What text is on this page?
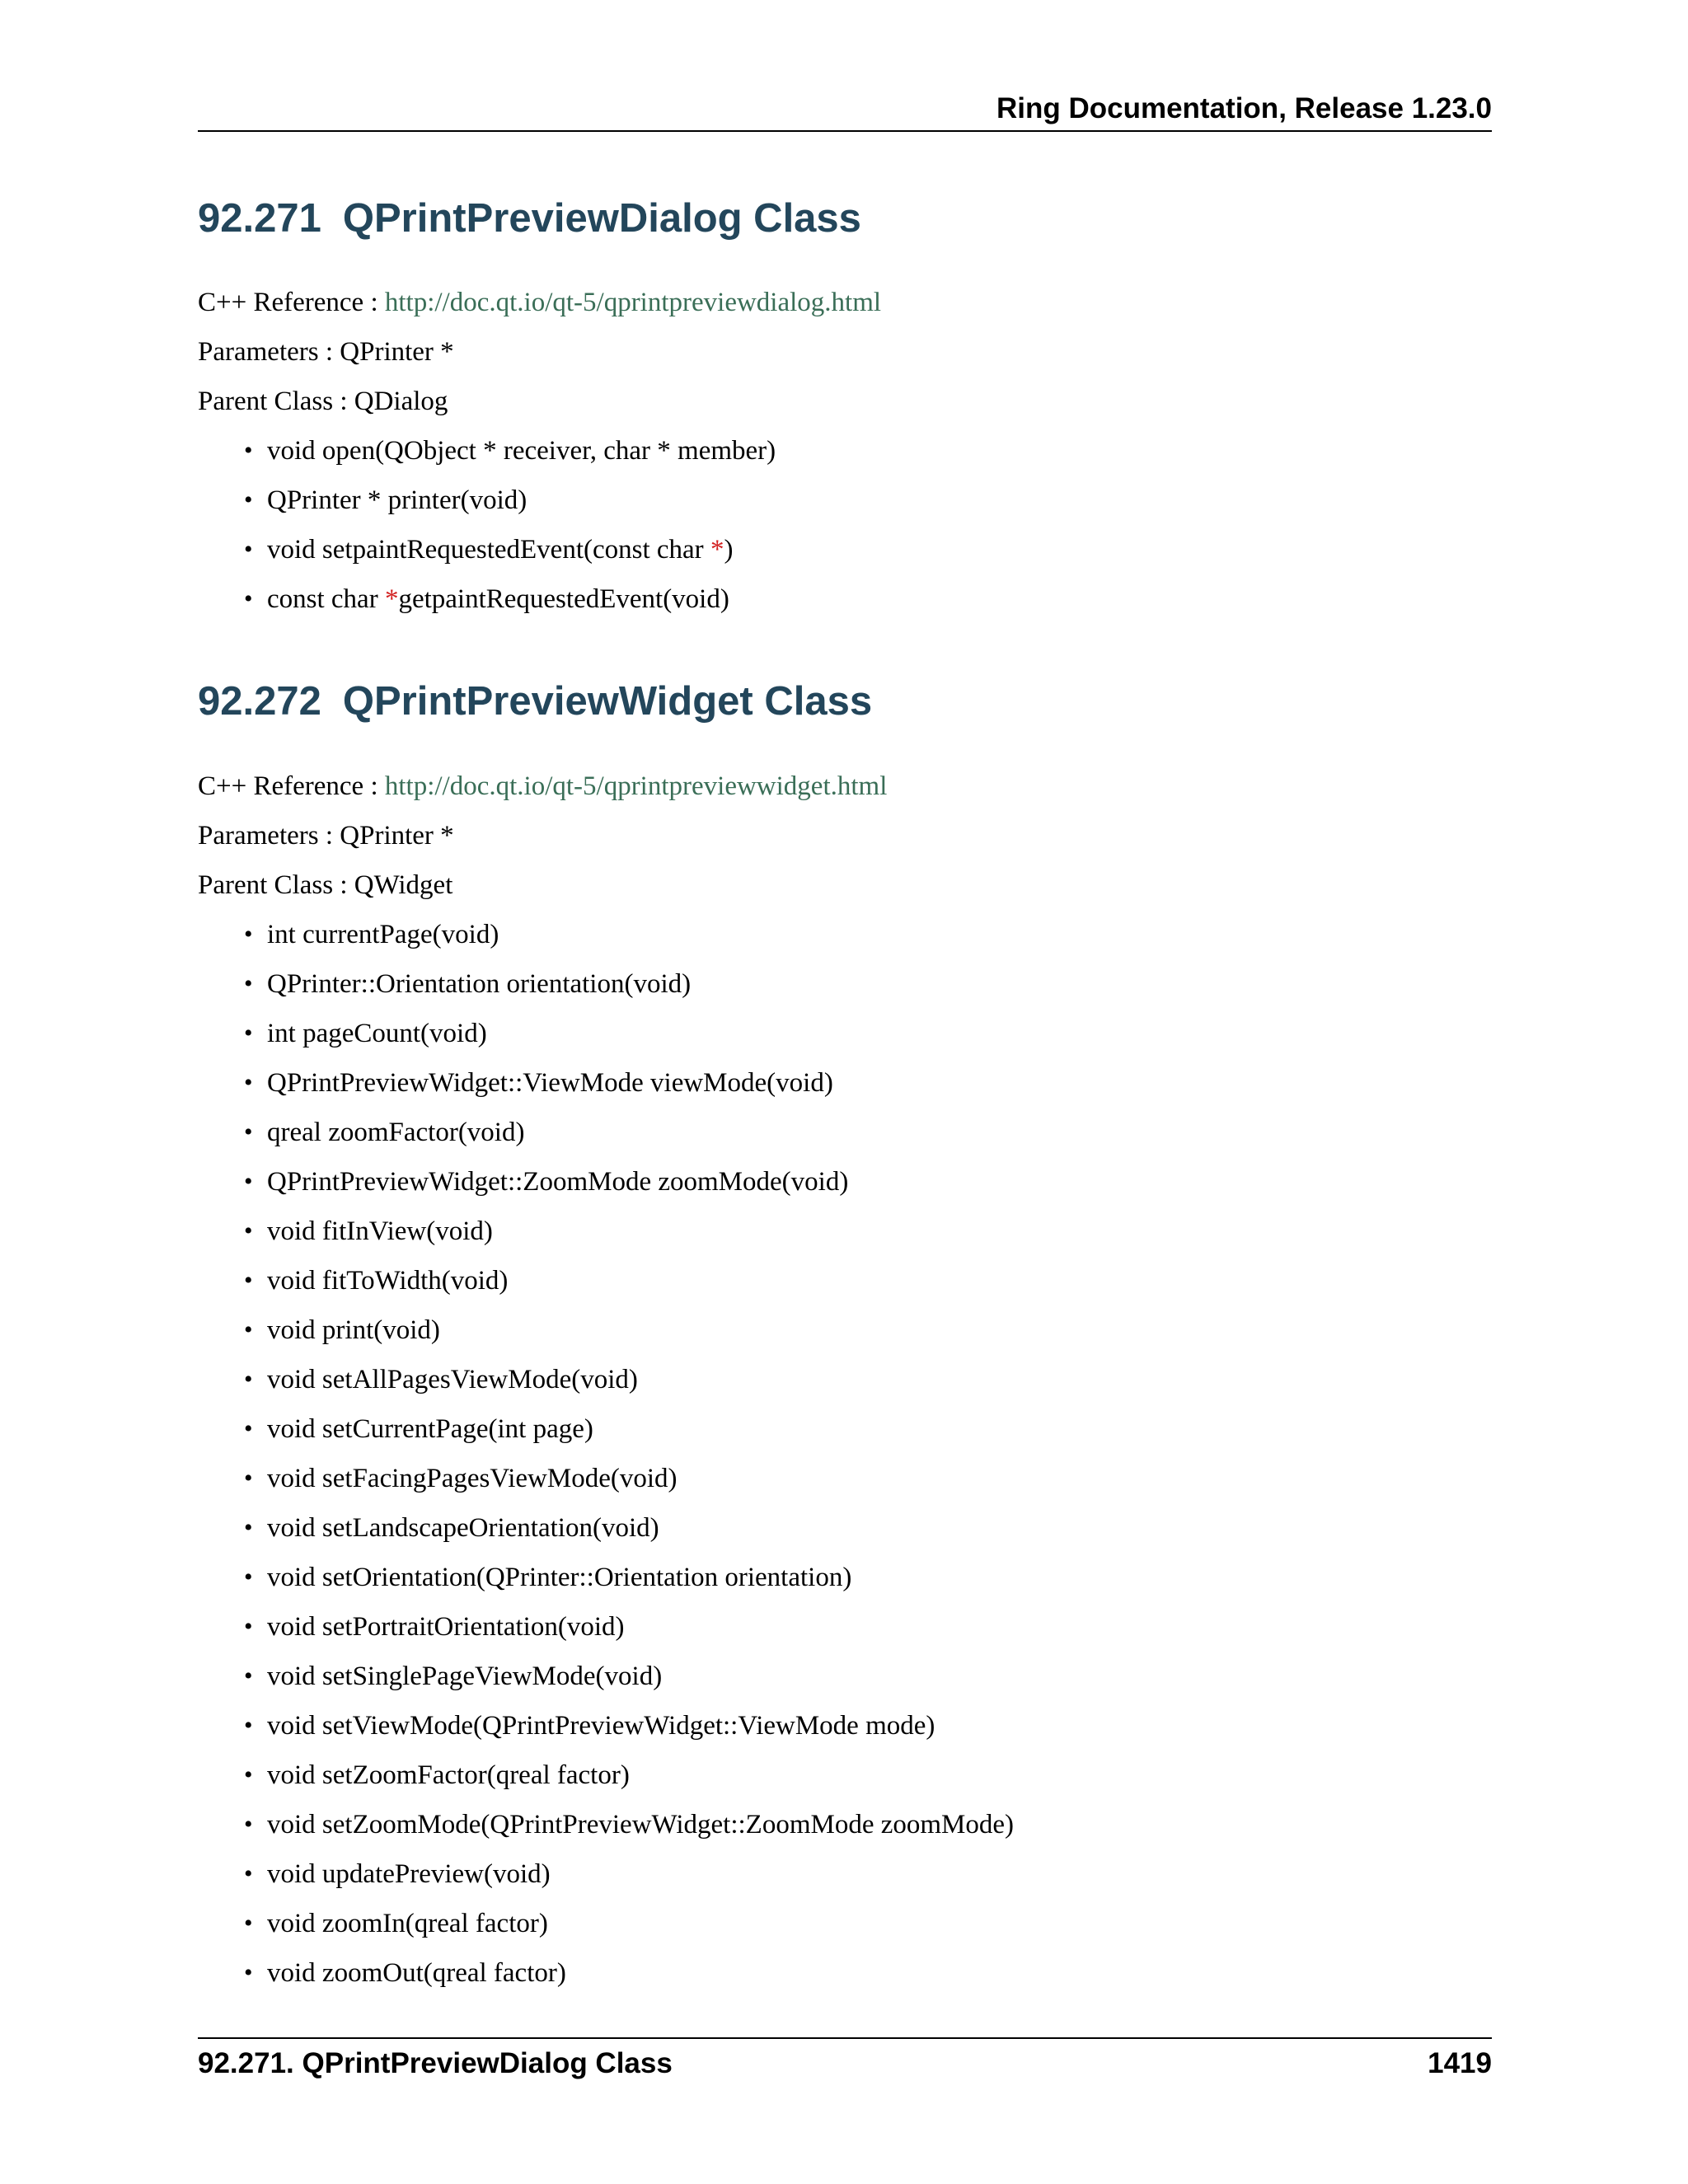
Ring Documentation, Release 1.23.0
92.271 QPrintPreviewDialog Class
C++ Reference : http://doc.qt.io/qt-5/qprintpreviewdialog.html
Parameters : QPrinter *
Parent Class : QDialog
• void open(QObject * receiver, char * member)
• QPrinter * printer(void)
• void setpaintRequestedEvent(const char *)
• const char *getpaintRequestedEvent(void)
92.272 QPrintPreviewWidget Class
C++ Reference : http://doc.qt.io/qt-5/qprintpreviewwidget.html
Parameters : QPrinter *
Parent Class : QWidget
• int currentPage(void)
• QPrinter::Orientation orientation(void)
• int pageCount(void)
• QPrintPreviewWidget::ViewMode viewMode(void)
• qreal zoomFactor(void)
• QPrintPreviewWidget::ZoomMode zoomMode(void)
• void fitInView(void)
• void fitToWidth(void)
• void print(void)
• void setAllPagesViewMode(void)
• void setCurrentPage(int page)
• void setFacingPagesViewMode(void)
• void setLandscapeOrientation(void)
• void setOrientation(QPrinter::Orientation orientation)
• void setPortraitOrientation(void)
• void setSinglePageViewMode(void)
• void setViewMode(QPrintPreviewWidget::ViewMode mode)
• void setZoomFactor(qreal factor)
• void setZoomMode(QPrintPreviewWidget::ZoomMode zoomMode)
• void updatePreview(void)
• void zoomIn(qreal factor)
• void zoomOut(qreal factor)
92.271. QPrintPreviewDialog Class	1419
